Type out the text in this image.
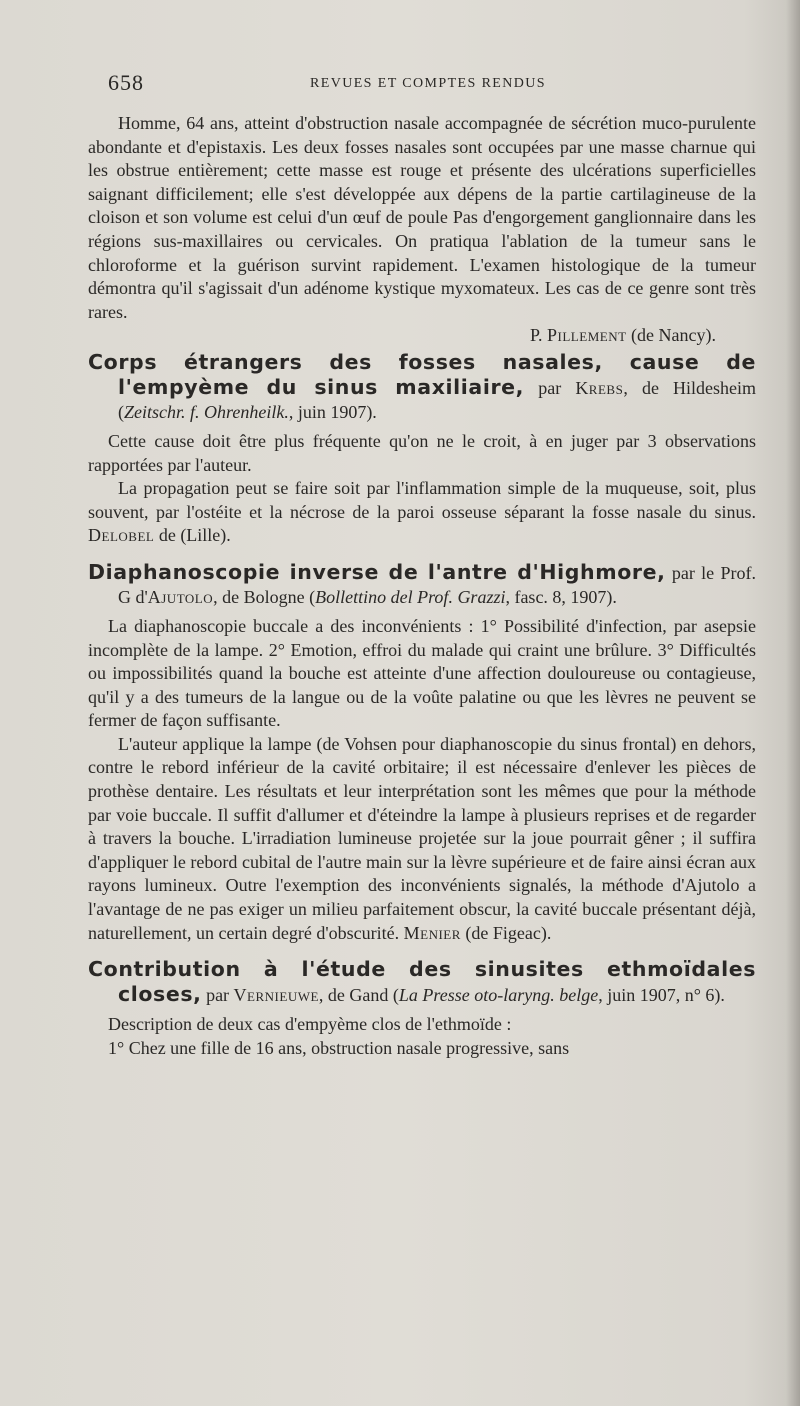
658	REVUES ET COMPTES RENDUS

Homme, 64 ans, atteint d'obstruction nasale accompagnée de sécrétion muco-purulente abondante et d'epistaxis. Les deux fosses nasales sont occupées par une masse charnue qui les obstrue entièrement; cette masse est rouge et présente des ulcérations superficielles saignant difficilement; elle s'est développée aux dépens de la partie cartilagineuse de la cloison et son volume est celui d'un œuf de poule Pas d'engorgement ganglionnaire dans les régions sus-maxillaires ou cervicales. On pratiqua l'ablation de la tumeur sans le chloroforme et la guérison survint rapidement. L'examen histologique de la tumeur démontra qu'il s'agissait d'un adénome kystique myxomateux. Les cas de ce genre sont très rares.

P. Pillement (de Nancy).

Corps étrangers des fosses nasales, cause de l'empyème du sinus maxiliaire, par Krebs, de Hildesheim (Zeitschr. f. Ohrenheilk., juin 1907).

Cette cause doit être plus fréquente qu'on ne le croit, à en juger par 3 observations rapportées par l'auteur.

La propagation peut se faire soit par l'inflammation simple de la muqueuse, soit, plus souvent, par l'ostéite et la nécrose de la paroi osseuse séparant la fosse nasale du sinus. Delobel de (Lille).

Diaphanoscopie inverse de l'antre d'Highmore, par le Prof. G d'Ajutolo, de Bologne (Bollettino del Prof. Grazzi, fasc. 8, 1907).

La diaphanoscopie buccale a des inconvénients : 1° Possibilité d'infection, par asepsie incomplète de la lampe. 2° Emotion, effroi du malade qui craint une brûlure. 3° Difficultés ou impossibilités quand la bouche est atteinte d'une affection douloureuse ou contagieuse, qu'il y a des tumeurs de la langue ou de la voûte palatine ou que les lèvres ne peuvent se fermer de façon suffisante.

L'auteur applique la lampe (de Vohsen pour diaphanoscopie du sinus frontal) en dehors, contre le rebord inférieur de la cavité orbitaire; il est nécessaire d'enlever les pièces de prothèse dentaire. Les résultats et leur interprétation sont les mêmes que pour la méthode par voie buccale. Il suffit d'allumer et d'éteindre la lampe à plusieurs reprises et de regarder à travers la bouche. L'irradiation lumineuse projetée sur la joue pourrait gêner ; il suffira d'appliquer le rebord cubital de l'autre main sur la lèvre supérieure et de faire ainsi écran aux rayons lumineux. Outre l'exemption des inconvénients signalés, la méthode d'Ajutolo a l'avantage de ne pas exiger un milieu parfaitement obscur, la cavité buccale présentant déjà, naturellement, un certain degré d'obscurité. Menier (de Figeac).

Contribution à l'étude des sinusites ethmoïdales closes, par Vernieuwe, de Gand (La Presse oto-laryng. belge, juin 1907, n° 6).

Description de deux cas d'empyème clos de l'ethmoïde :

1° Chez une fille de 16 ans, obstruction nasale progressive, sans
